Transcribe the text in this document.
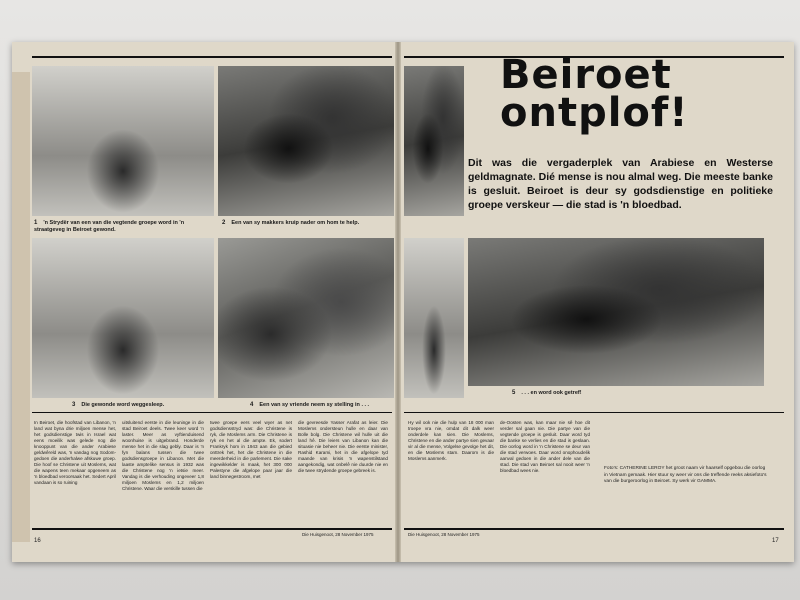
1 'n Strydër van een van die vegtende groepe word in 'n straatgeveg in Beiroet gewond.
2 Een van sy makkers kruip nader om hom te help.
3 Die gewonde word weggesleep.	4 Een van sy vriende neem sy stelling in . . .
Beiroet ontplof!
Dit was die vergaderplek van Arabiese en Westerse geldmagnate. Dié mense is nou almal weg. Die meeste banke is gesluit. Beiroet is deur sy godsdienstige en politieke groepe verskeur — die stad is 'n bloedbad.
5 . . . en word ook getref!
In Beiroet, die hoofstad van Libanon, 'n land wat byna drie miljoen mense het, het godsdienstige twis in Israel wat eens moeilik was gelede nog die knooppunt van die ander Arabiese geldwêreld was, 'n vandag nog Sodom-gedoen die anderhalwe afskuwe groep. Die hoof se Christene uit Moslems, wat die wapens teen mekaar opgeneem as 'n bloedbad veroorsaak het. Sedert April vandaan is so ruining
uitsluitend eerste in die leuninge in die stad Beiroet deels. Twee keer word 'n laster. Meer as vyftienduisend woonhuise is uitgebrand. Honderde mense het in die slag gebly. Daar is 'n fyn balans tussen die twee godsdiensgroepe in Libanon. Met die laaste amptelike sensus in 1932 was die Christene nog 'n ietsie meer. Vandag is die verhouding ongeveer 1,8 miljoen Moslems en 1,2 miljoen Christene. Waar die verskille tussen die
twee groepe eers veel wyer as net godsdiensstryd was: die Christene is ryk, die Moslems arm. Die Christene is ryk en het al die ampte. Ek, sodert Frankryk hom in 1943 aan die gebied onttrek het, het die Christene in die meerderheid in die parlement. Die sake ingewikkelder is maak, het 300 000 Palestyne die afgelope paar jaar die land binnegestroom, met
die gevreesde Yasser Arafat as leier. Die Moslems ondersteun hulle en daar van Bolle bolg. Die Christene wil hulle uit die land hê. Die leiers van Libanon kan die situasie nie beheer nie. Die eerste minister, Rashid Karami, het in die afgelope tyd maande van krisis 'n wapenstilstand aangekondig, wat onbelê nie duurde nie en die twee strydende groepe gebreek is.
Hy wil ook nie die hulp van 18 000 man troepe vra nie, omdat dit dalk weer onderdele kan sien. Die Moslems, Christene en die ander partye sien gevaar vir al die mense, Volgelse gevolge het dit, en die Moslems stam. Daarom is die Moslems aanmerk.
de-Oosten was, kan maar nie sê hoe dit verder sal gaan nie. Die partye van die vegtende groepe is gesluit. Daar word tyd die banke se verlies en die stad is geslaan. Die oorlog word in 'n Christene se deur van die stad verwoes. Daar word onophoudelik aanval gedoen in die ander dele van die stad. Die stad van Beiroet sal nooit weer 'n bloedbad wees nie.	Foto's: CATHERINE LEROY het groot naam vir haarself opgebou die oorlog in Vietnam gemaak. Hier stuur sy weer vir ons die treffende reeks aksiefoto's van die burgeroorlog in Beiroet. Sy werk vir GAMMA.
16
Die Huisgenoot, 28 November 1975	Die Huisgenoot, 28 November 1975
17
